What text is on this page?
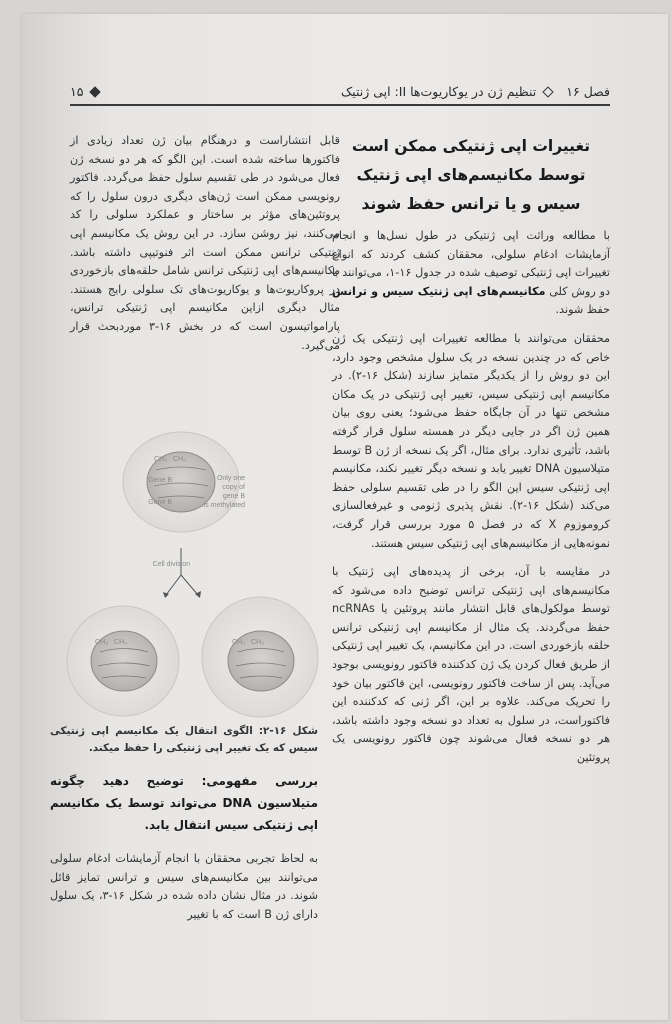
فصل ۱۶
تنظیم ژن در یوکاریوت‌ها II: اپی ژنتیک
۱۵
تغییرات اپی ژنتیکی ممکن است
توسط مکانیسم‌های اپی ژنتیک
سیس و یا ترانس حفظ شوند

با مطالعه وراثت اپی ژنتیکی در طول نسل‌ها و انجام آزمایشات ادغام سلولی، محققان کشف کردند که انواع تغییرات اپی ژنتیکی توصیف شده در جدول ۱۶-۱، می‌توانند با دو روش کلی مکانیسم‌های اپی ژنتیک سیس و ترانس حفظ شوند.

محققان می‌توانند با مطالعه تغییرات اپی ژنتیکی یک ژن خاص که در چندین نسخه در یک سلول مشخص وجود دارد، این دو روش را از یکدیگر متمایز سازند (شکل ۱۶-۲). در مکانیسم اپی ژنتیکی سیس، تغییر اپی ژنتیکی در یک مکان مشخص تنها در آن جایگاه حفظ می‌شود؛ یعنی روی بیان همین ژن اگر در جایی دیگر در همسته سلول قرار گرفته باشد، تأثیری ندارد. برای مثال، اگر یک نسخه از ژن B توسط متیلاسیون DNA تغییر یابد و نسخه دیگر تغییر نکند، مکانیسم اپی ژنتیکی سیس این الگو را در طی تقسیم سلولی حفظ می‌کند (شکل ۱۶-۲). نقش پذیری ژنومی و غیرفعالسازی کروموزوم X که در فصل ۵ مورد بررسی قرار گرفت، نمونه‌هایی از مکانیسم‌های اپی ژنتیکی سیس هستند.

در مقایسه با آن، برخی از پدیده‌های اپی ژنتیک با مکانیسم‌های اپی ژنتیکی ترانس توضیح داده می‌شود که توسط مولکول‌های قابل انتشار مانند پروتئین یا ncRNAs حفظ می‌گردند. یک مثال از مکانیسم اپی ژنتیکی ترانس حلقه بازخوردی است. در این مکانیسم، یک تغییر اپی ژنتیکی از طریق فعال کردن یک ژن کدکننده فاکتور رونویسی بوجود می‌آید. پس از ساخت فاکتور رونویسی، این فاکتور بیان خود را تحریک می‌کند. علاوه بر این، اگر ژنی که کدکننده این فاکتوراست، در سلول به تعداد دو نسخه وجود داشته باشد، هر دو نسخه فعال می‌شوند چون فاکتور رونویسی یک پروتئین

قابل انتشاراست و درهنگام بیان ژن تعداد زیادی از فاکتورها ساخته شده است. این الگو که هر دو نسخه ژن فعال می‌شود در طی تقسیم سلول حفظ می‌گردد. فاکتور رونویسی ممکن است ژن‌های دیگری درون سلول را که پروتئین‌های مؤثر بر ساختار و عملکرد سلولی را کد می‌کنند، نیز روشن سازد. در این روش یک مکانیسم اپی ژنتیکی ترانس ممکن است اثر فنوتیپی داشته باشد. مکانیسم‌های اپی ژنتیکی ترانس شامل حلقه‌های بازخوردی در پروکاریوت‌ها و یوکاریوت‌های تک سلولی رایج هستند. مثال دیگری ازاین مکانیسم اپی ژنتیکی ترانس، پارامواتیسون است که در بخش ۱۶-۳ موردبحث قرار می‌گیرد.

CH₃ CH₃
Gene B
Gene B
Only one
copy of
gene B
is methylated.
Cell division
CH₃ CH₃	CH₃ CH₃
شکل ۱۶-۲: الگوی انتقال یک مکانیسم اپی ژنتیکی سیس که یک تغییر اپی ژنتیکی را حفظ میکند.
بررسی مفهومی: توضیح دهید چگونه متیلاسیون DNA می‌تواند توسط یک مکانیسم اپی ژنتیکی سیس انتقال یابد.

به لحاظ تجربی محققان با انجام آزمایشات ادغام سلولی می‌توانند بین مکانیسم‌های سیس و ترانس تمایز قائل شوند. در مثال نشان داده شده در شکل ۱۶-۳، یک سلول دارای ژن B است که با تغییر
